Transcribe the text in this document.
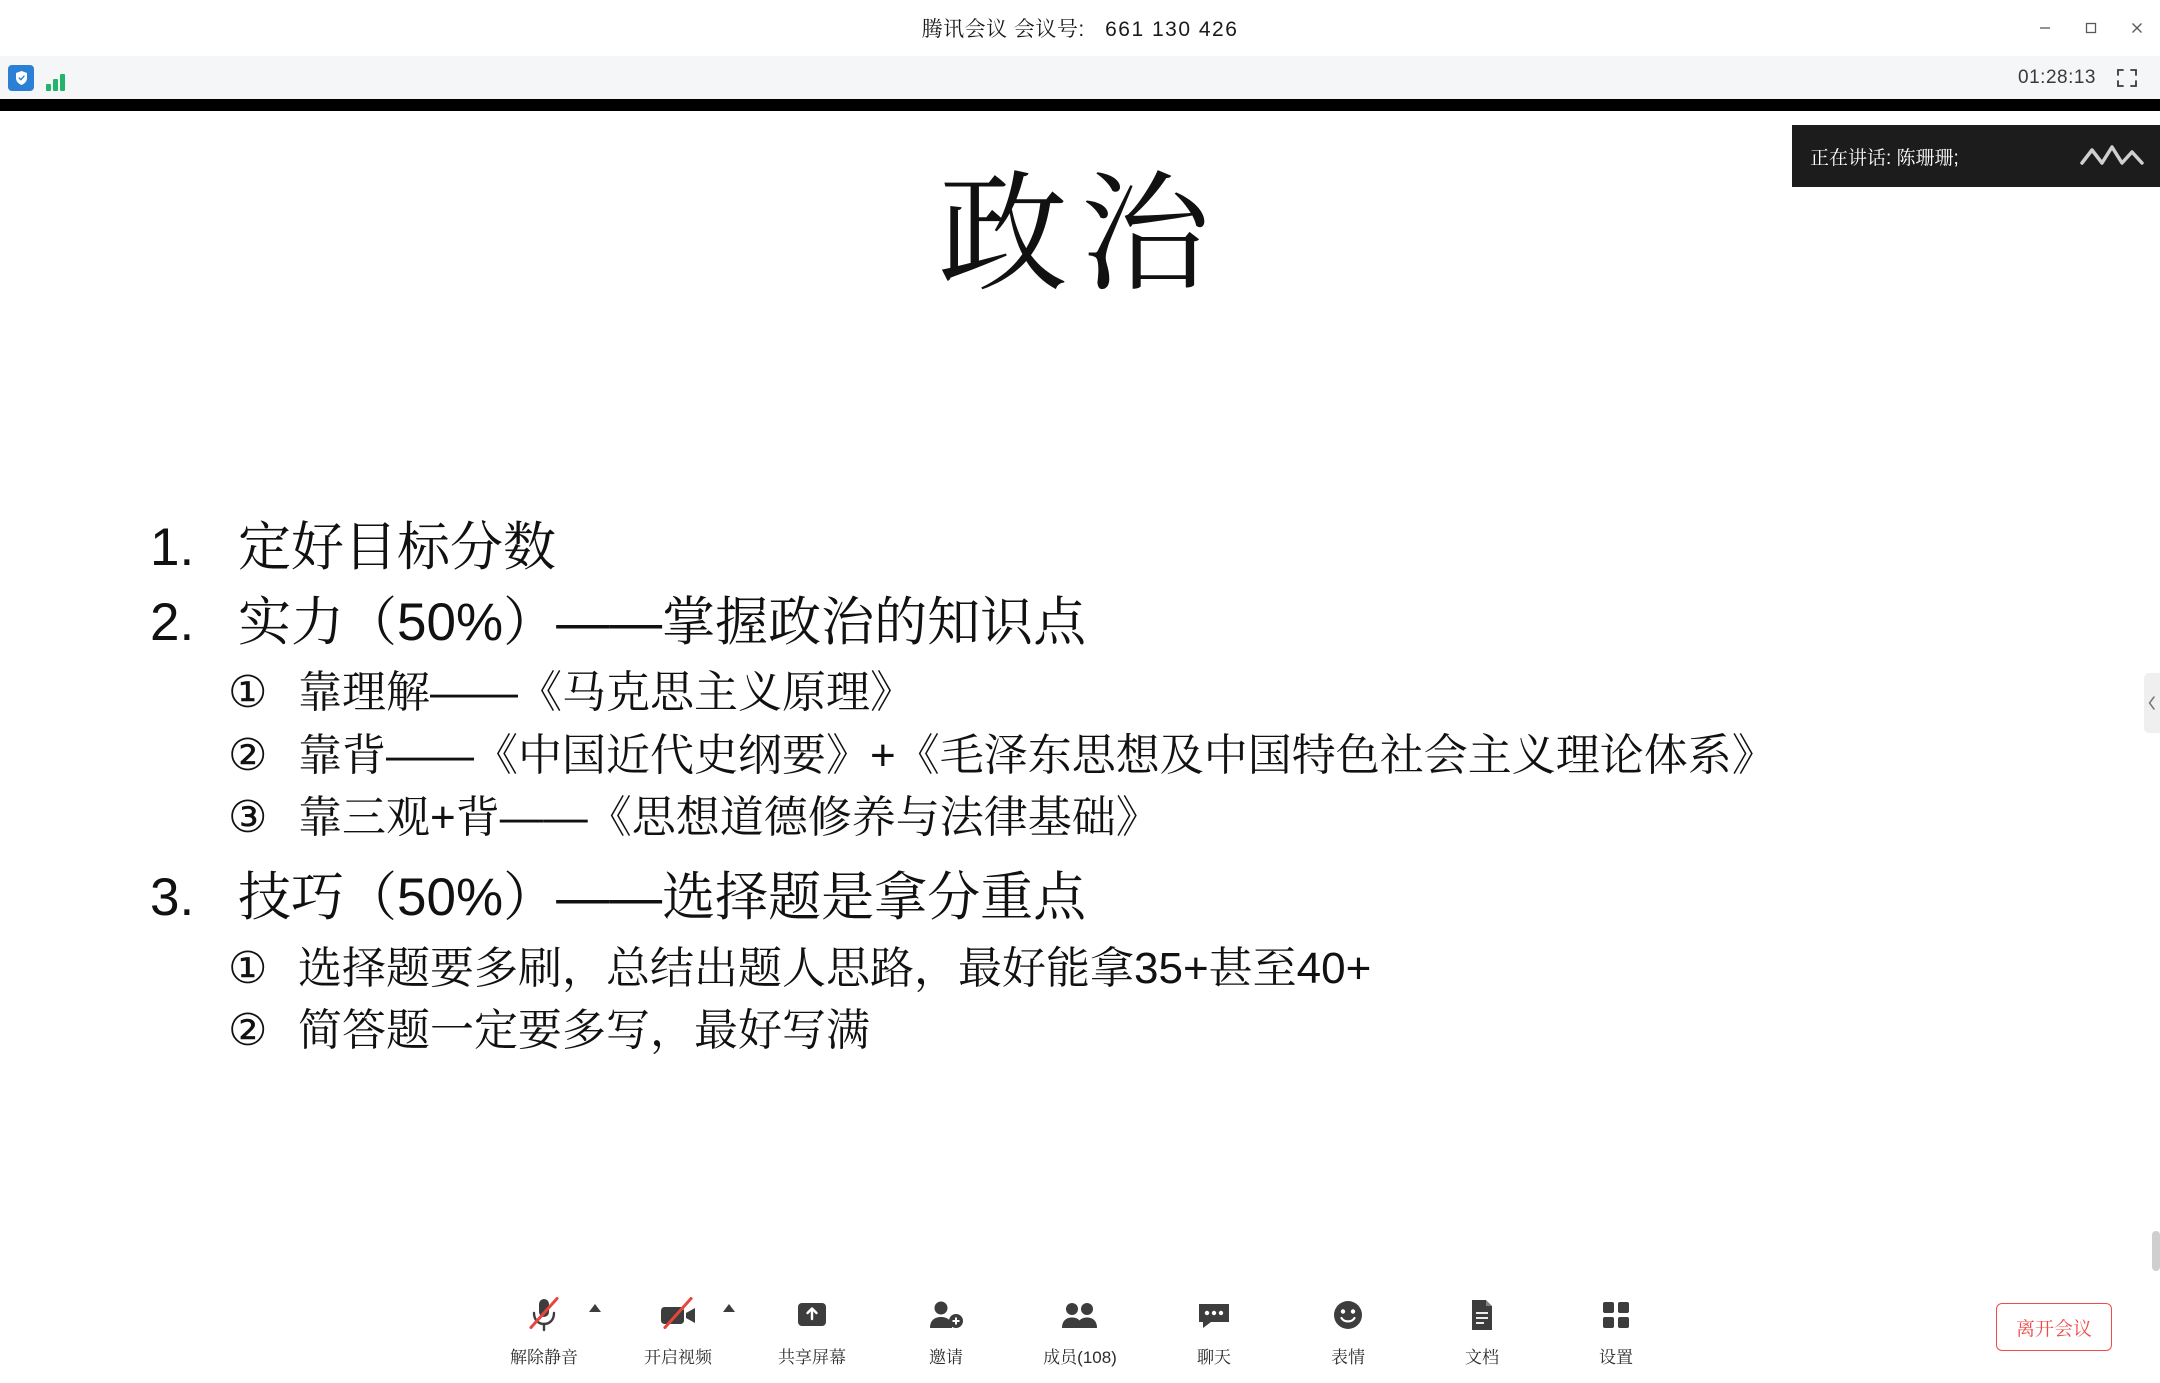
腾讯会议 会议号: 661 130 426
01:28:13
政治
1. 定好目标分数
2. 实力（50%）——掌握政治的知识点
① 靠理解——《马克思主义原理》
② 靠背——《中国近代史纲要》+《毛泽东思想及中国特色社会主义理论体系》
③ 靠三观+背——《思想道德修养与法律基础》
3. 技巧（50%）——选择题是拿分重点
① 选择题要多刷，总结出题人思路，最好能拿35+甚至40+
② 简答题一定要多写，最好写满
正在讲话: 陈珊珊;
解除静音	开启视频	共享屏幕	邀请	成员(108)	聊天	表情	文档	设置
离开会议
